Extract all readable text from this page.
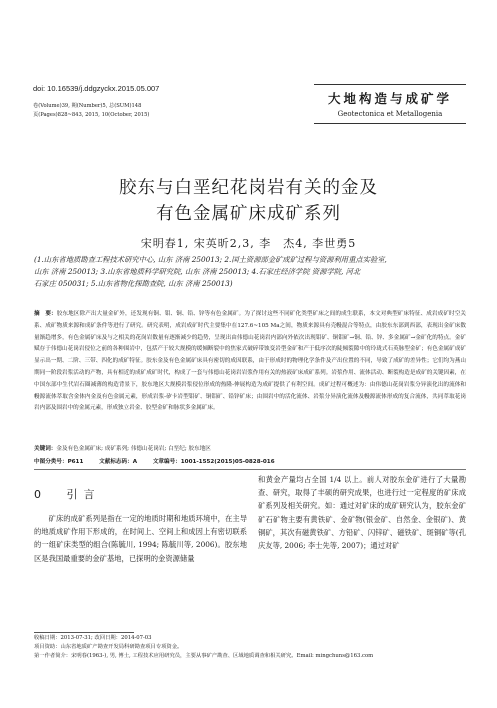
doi: 10.16539/j.ddgzyckx.2015.05.007
卷(Volume)39, 期(Number)5, 总(SUM)148
页(Pages)828~843, 2015, 10(October, 2015)
大地构造与成矿学
Geotectonica et Metallogenia
胶东与白垩纪花岗岩有关的金及
有色金属矿床成矿系列
宋明春1, 宋英昕2,3, 李　杰4, 李世勇5
(1.山东省地质勘查工程技术研究中心, 山东 济南 250013; 2.国土资源部金矿成矿过程与资源利用重点实验室,
山东 济南 250013; 3.山东省地质科学研究院, 山东 济南 250013; 4.石家庄经济学院 资源学院, 河北
石家庄 050031; 5.山东省物化探勘查院, 山东 济南 250013)
摘　要：胶东地区除产出大量金矿外，还发现有铜、钼、铜、铅、锌等有色金属矿。为了探讨这些不同矿化类型矿床之间的成生联系，本文对典型矿床特征、成岩成矿时空关系、成矿物质来源和成矿条件等进行了研究。研究表明，成岩成矿时代主要集中在127.6~105 Ma之间，物质来源具有壳幔混合等特点，由胶东东部到西部，表现出金矿床数量渐趋增多，有色金属矿床及与之相关的花岗岩数量有逐渐减少的趋势，呈现出由伟德山花岗岩内部向外依次出现钼矿、铜钼矿→铜、铅、锌、多金属矿→金矿化的特点。金矿赋存于伟德山花岗岩侵位之前的各种围岩中，包括产于较大规模的缓倾断裂中的焦家式破碎带蚀变岩型金矿和产于低序次的陡倾裂隙中的玲珑式石英脉型金矿；有色金属矿成矿显示出一期、二阶、三带、四化的成矿特征。胶东金及有色金属矿床具有密切的成因联系，由于形成时的物理化学条件及产出位置的不同，导致了成矿的差异性；它们均为燕山期同一阶段岩浆活动的产物，具有相近的成矿成矿时代，构成了一套与伟德山花岗岩岩浆作用有关的热液矿床成矿系列。岩浆作用、流体活动、断裂构造是成矿的关键因素，在中国东部中生代岩石圈减薄的构造背景下，胶东地区大规模岩浆侵位形成的热隆-伸展构造为成矿提供了有利空间。成矿过程可概述为：由伟德山花岗岩浆分异演化出的流体和幔源流体萃取含金体内金及有色金属元素，形成岩浆-矽卡岩型钼矿、铜钼矿、铅锌矿床；由围岩中的活化流体、岩浆分异演化流体及幔源流体形成的复合流体，共同萃取花岗岩内部及围岩中的金属元素，形成独立岩金、胶型金矿和脉状多金属矿床。
关键词：金及有色金属矿床; 成矿系列; 伟德山花岗岩; 白垩纪; 胶东地区
中图分类号：P611	文献标志码：A	文章编号：1001-1552(2015)05-0828-016
0 引言

矿床的成矿系列是指在一定的地质时期和地质环境中，在主导的地质成矿作用下形成的，在时间上、空间上和成因上有密切联系的一组矿床类型的组合(陈毓川, 1994; 陈毓川等, 2006)。胶东地区是我国最重要的金矿基地，已探明的金资源储量

和黄金产量均占全国 1/4 以上。前人对胶东金矿进行了大量勘查、研究，取得了丰硕的研究成果，也进行过一定程度的矿床成矿系列及相关研究。如：通过对矿床的成矿研究认为，胶东金矿矿石矿物主要有黄铁矿、金矿物(银金矿、自然金、金银矿)、黄铜矿，其次有磁黄铁矿、方铅矿、闪锌矿、磁铁矿、斑铜矿等(孔庆友等, 2006; 李士先等, 2007)；通过对矿

收稿日期：2013-07-31; 改回日期：2014-07-03
项目资助：山东省地质矿产勘查开发局科研勘查项目专项资金。
第一作者简介：宋明春(1963-), 男, 博士, 工程技术应用研究员，主要从事矿产勘查、区域地质调查和相关研究。Email: mingchuns@163.com
